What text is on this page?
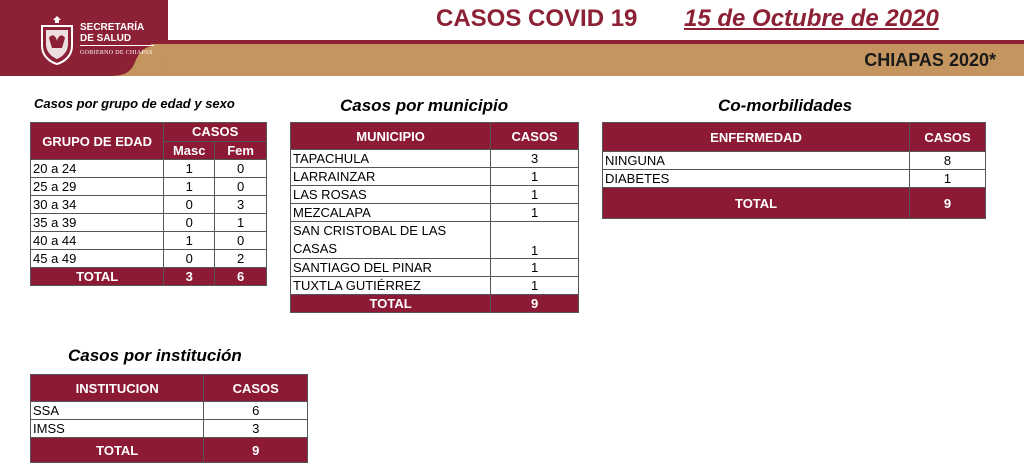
SECRETARÍA
DE SALUD
GOBIERNO DE CHIAPAS
CASOS COVID 19 15 de Octubre de 2020
CHIAPAS 2020*
Casos por grupo de edad y sexo
GRUPO DE EDAD	CASOS	
	Masc	Fem
20 a 24	1	0
25 a 29	1	0
30 a 34	0	3
35 a 39	0	1
40 a 44	1	0
45 a 49	0	2
TOTAL	3	6
Casos por municipio
MUNICIPIO	CASOS
TAPACHULA	3
LARRAINZAR	1
LAS ROSAS	1
MEZCALAPA	1
SAN CRISTOBAL DE LAS CASAS	1
SANTIAGO DEL PINAR	1
TUXTLA GUTIÉRREZ	1
TOTAL	9
Co-morbilidades
ENFERMEDAD	CASOS
NINGUNA	8
DIABETES	1
TOTAL	9
Casos por institución
INSTITUCION	CASOS
SSA	6
IMSS	3
TOTAL	9
